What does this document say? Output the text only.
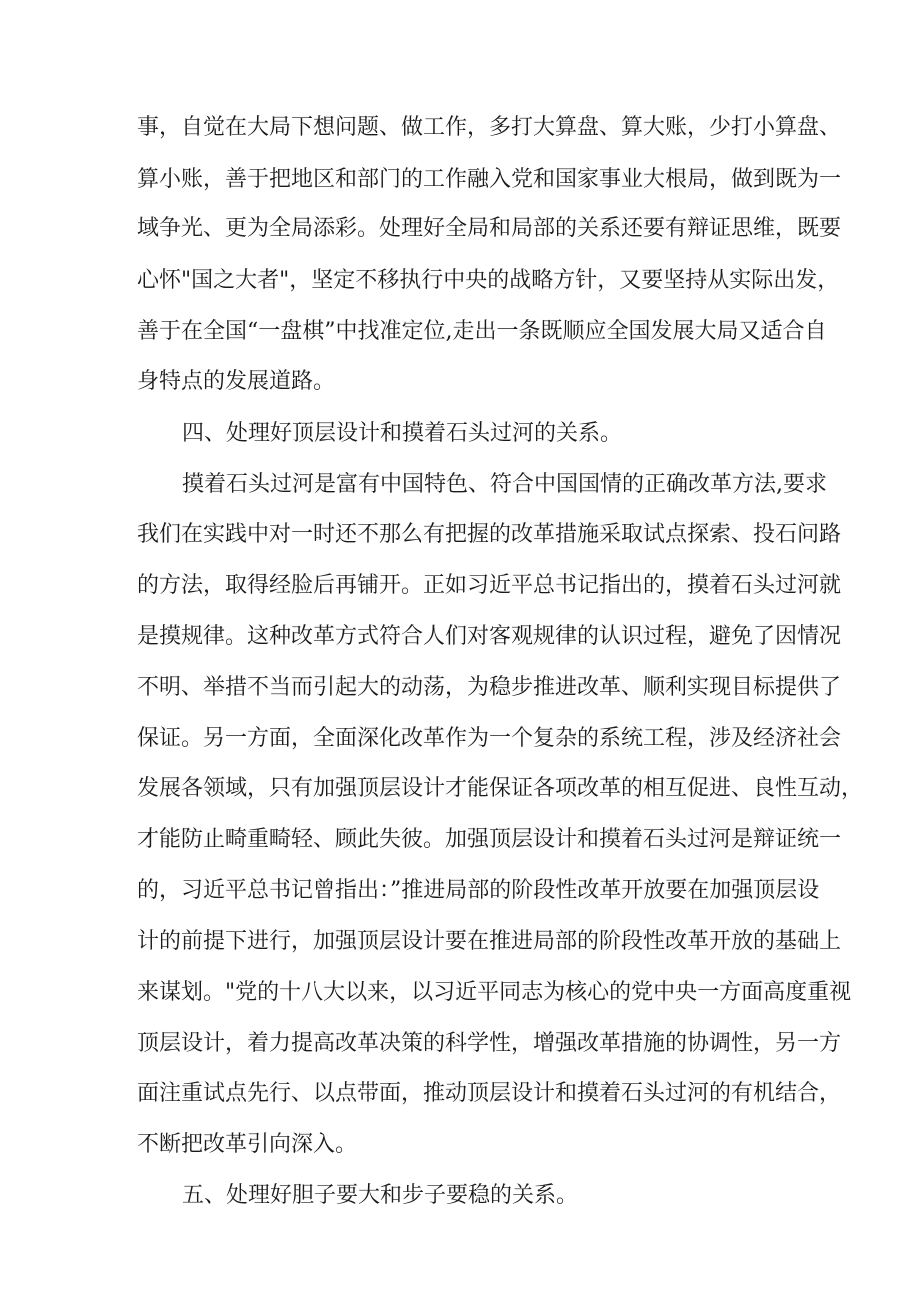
事，自觉在大局下想问题、做工作，多打大算盘、算大账，少打小算盘、
算小账，善于把地区和部门的工作融入党和国家事业大根局，做到既为一
域争光、更为全局添彩。处理好全局和局部的关系还要有辩证思维，既要
心怀"国之大者"，坚定不移执行中央的战略方针，又要坚持从实际出发，
善于在全国“一盘棋”中找准定位,走出一条既顺应全国发展大局又适合自
身特点的发展道路。
四、处理好顶层设计和摸着石头过河的关系。
摸着石头过河是富有中国特色、符合中国国情的正确改革方法,要求
我们在实践中对一时还不那么有把握的改革措施采取试点探索、投石问路
的方法，取得经脸后再铺开。正如习近平总书记指出的，摸着石头过河就
是摸规律。这种改革方式符合人们对客观规律的认识过程，避免了因情况
不明、举措不当而引起大的动荡，为稳步推进改革、顺利实现目标提供了
保证。另一方面，全面深化改革作为一个复杂的系统工程，涉及经济社会
发展各领域，只有加强顶层设计才能保证各项改革的相互促进、良性互动，
才能防止畸重畸轻、顾此失彼。加强顶层设计和摸着石头过河是辩证统一
的，习近平总书记曾指出：”推进局部的阶段性改革开放要在加强顶层设
计的前提下进行，加强顶层设计要在推进局部的阶段性改革开放的基础上
来谋划。"党的十八大以来，以习近平同志为核心的党中央一方面高度重视
顶层设计，着力提高改革决策的科学性，增强改革措施的协调性，另一方
面注重试点先行、以点带面，推动顶层设计和摸着石头过河的有机结合，
不断把改革引向深入。
五、处理好胆子要大和步子要稳的关系。
